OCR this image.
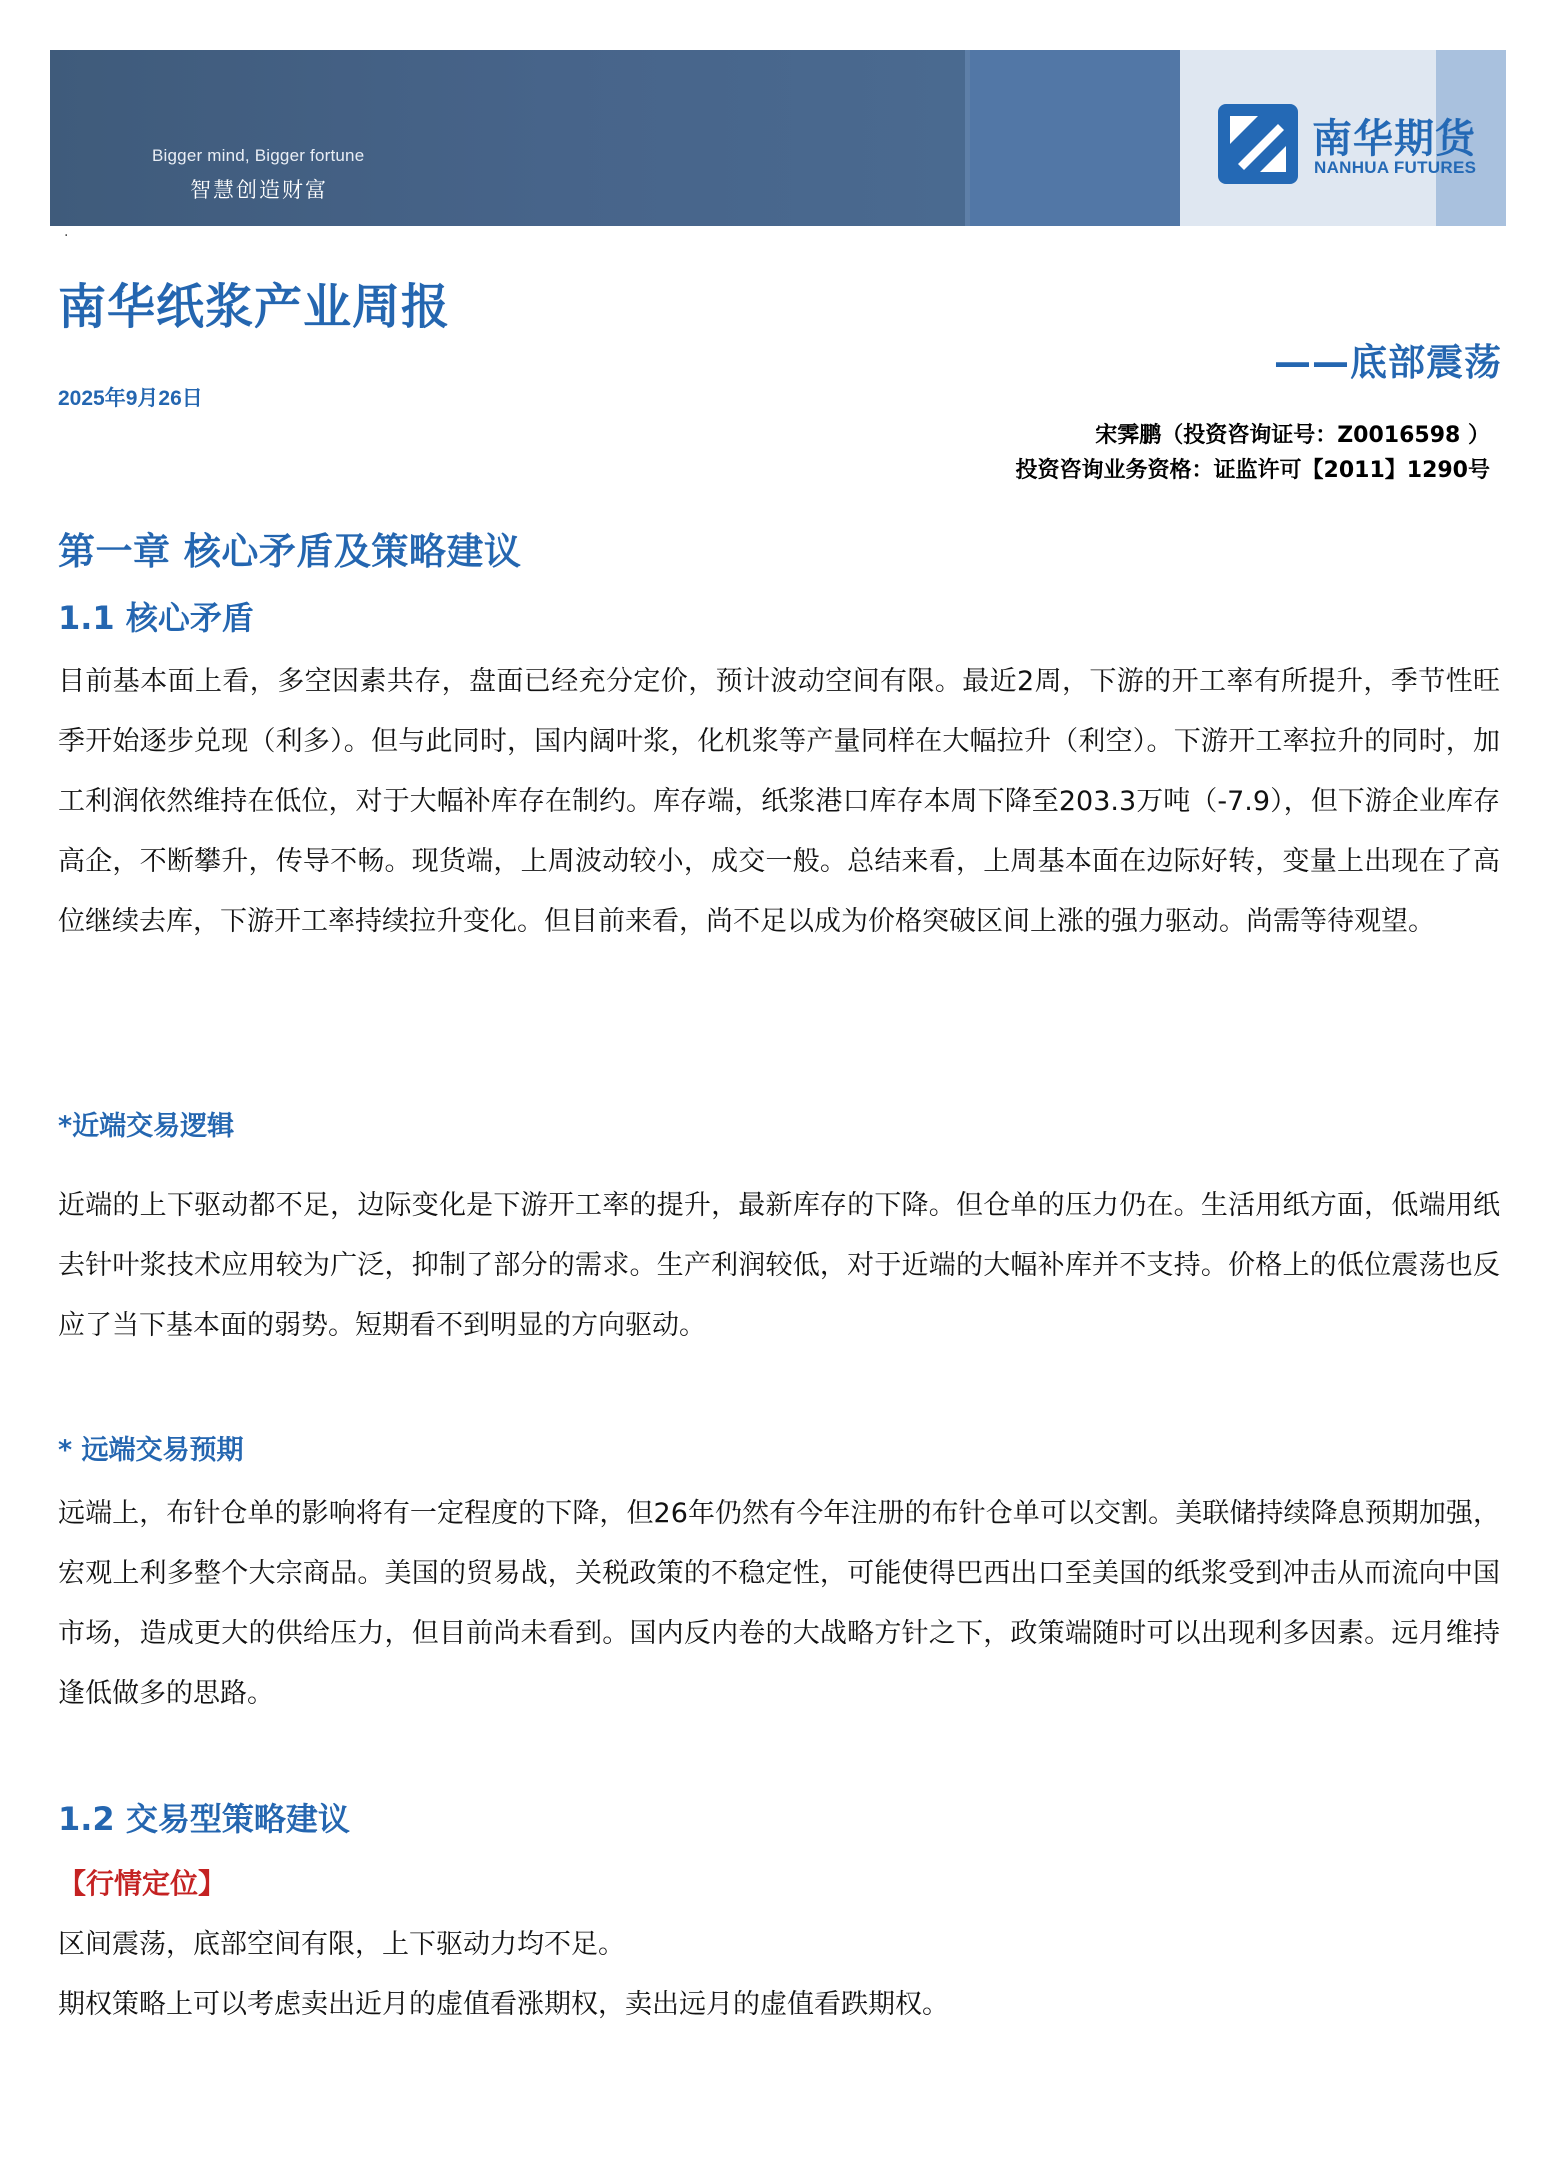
Bigger mind, Bigger fortune
智慧创造财富
南华期货
NANHUA FUTURES
·
南华纸浆产业周报
——底部震荡
2025年9月26日
宋霁鹏（投资咨询证号：Z0016598 ）
投资咨询业务资格：证监许可【2011】1290号
第一章 核心矛盾及策略建议
1.1 核心矛盾

目前基本面上看，多空因素共存，盘面已经充分定价，预计波动空间有限。最近2周，下游的开工率有所提升，季节性旺季开始逐步兑现（利多）。但与此同时，国内阔叶浆，化机浆等产量同样在大幅拉升（利空）。下游开工率拉升的同时，加工利润依然维持在低位，对于大幅补库存在制约。库存端，纸浆港口库存本周下降至203.3万吨（-7.9），但下游企业库存高企，不断攀升，传导不畅。现货端，上周波动较小，成交一般。总结来看，上周基本面在边际好转，变量上出现在了高位继续去库，下游开工率持续拉升变化。但目前来看，尚不足以成为价格突破区间上涨的强力驱动。尚需等待观望。

*近端交易逻辑

近端的上下驱动都不足，边际变化是下游开工率的提升，最新库存的下降。但仓单的压力仍在。生活用纸方面，低端用纸去针叶浆技术应用较为广泛，抑制了部分的需求。生产利润较低，对于近端的大幅补库并不支持。价格上的低位震荡也反应了当下基本面的弱势。短期看不到明显的方向驱动。

* 远端交易预期

远端上，布针仓单的影响将有一定程度的下降，但26年仍然有今年注册的布针仓单可以交割。美联储持续降息预期加强，宏观上利多整个大宗商品。美国的贸易战，关税政策的不稳定性，可能使得巴西出口至美国的纸浆受到冲击从而流向中国市场，造成更大的供给压力，但目前尚未看到。国内反内卷的大战略方针之下，政策端随时可以出现利多因素。远月维持逢低做多的思路。

1.2 交易型策略建议
【行情定位】
区间震荡，底部空间有限，上下驱动力均不足。
期权策略上可以考虑卖出近月的虚值看涨期权，卖出远月的虚值看跌期权。
